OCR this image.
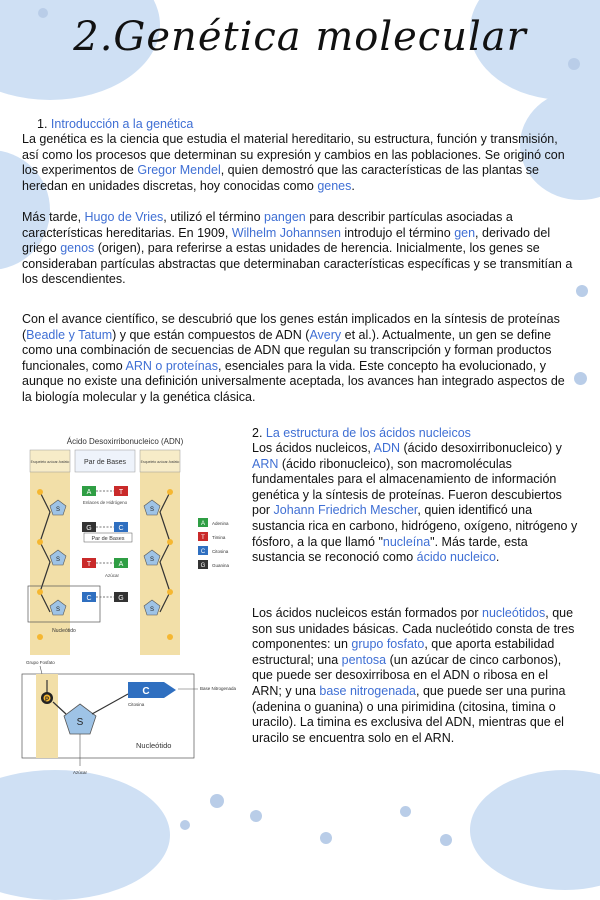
2.Genética molecular
1. Introducción a la genética

La genética es la ciencia que estudia el material hereditario, su estructura, función y transmisión, así como los procesos que determinan su expresión y cambios en las poblaciones. Se originó con los experimentos de Gregor Mendel, quien demostró que las características de las plantas se heredan en unidades discretas, hoy conocidas como genes.

Más tarde, Hugo de Vries, utilizó el término pangen para describir partículas asociadas a características hereditarias. En 1909, Wilhelm Johannsen introdujo el término gen, derivado del griego genos (origen), para referirse a estas unidades de herencia. Inicialmente, los genes se consideraban partículas abstractas que determinaban características específicas y se transmitían a los descendientes.

Con el avance científico, se descubrió que los genes están implicados en la síntesis de proteínas (Beadle y Tatum) y que están compuestos de ADN (Avery et al.). Actualmente, un gen se define como una combinación de secuencias de ADN que regulan su transcripción y forman productos funcionales, como ARN o proteínas, esenciales para la vida. Este concepto ha evolucionado, y aunque no existe una definición universalmente aceptada, los avances han integrado aspectos de la biología molecular y la genética clásica.

2. La estructura de los ácidos nucleicos

Los ácidos nucleicos, ADN (ácido desoxirribonucleico) y ARN (ácido ribonucleico), son macromoléculas fundamentales para el almacenamiento de información genética y la síntesis de proteínas. Fueron descubiertos por Johann Friedrich Mescher, quien identificó una sustancia rica en carbono, hidrógeno, oxígeno, nitrógeno y fósforo, a la que llamó "nucleína". Más tarde, esta sustancia se reconoció como ácido nucleico.

Los ácidos nucleicos están formados por nucleótidos, que son sus unidades básicas. Cada nucleótido consta de tres componentes: un grupo fosfato, que aporta estabilidad estructural; una pentosa (un azúcar de cinco carbonos), que puede ser desoxirribosa en el ADN o ribosa en el ARN; y una base nitrogenada, que puede ser una purina (adenina o guanina) o una pirimidina (citosina, timina o uracilo). La timina es exclusiva del ADN, mientras que el uracilo se encuentra solo en el ARN.

Ácido Desoxirribonucleico (ADN)
Esqueleto azúcar-fosfato Par de Bases	Esqueleto azúcar-fosfato
S
S
S
S
S
S
A	T
Enlaces de Hidrógeno
G	C
Par de Bases
T	A
Azúcar
C	G
Nucleótido
A Adenina
T Timina
C Citosina
G Guanina
Grupo Fosfato
P
S
C
Citosina
Base Nitrogenada
Nucleótido
Azúcar
